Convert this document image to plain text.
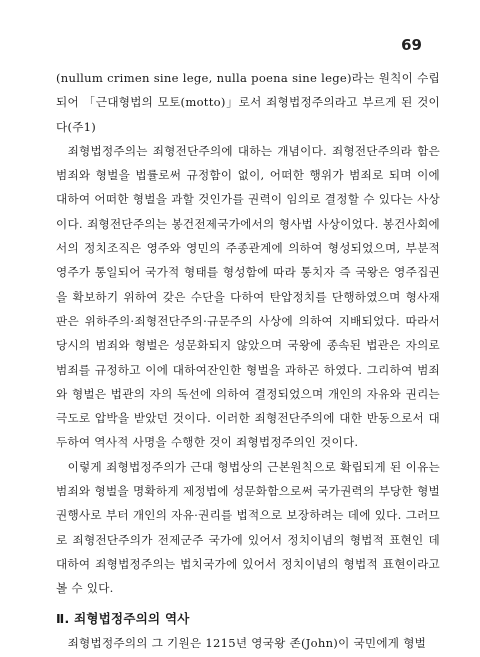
69

(nullum crimen sine lege, nulla poena sine lege)라는 원칙이 수립되어 「근대형법의 모토(motto)」로서 죄형법정주의라고 부르게 된 것이다(주1)

죄형법정주의는 죄형전단주의에 대하는 개념이다. 죄형전단주의라 함은 범죄와 형벌을 법률로써 규정함이 없이, 어떠한 행위가 범죄로 되며 이에 대하여 어떠한 형벌을 과할 것인가를 권력이 임의로 결정할 수 있다는 사상이다. 죄형전단주의는 봉건전제국가에서의 형사법 사상이었다. 봉건사회에서의 정치조직은 영주와 영민의 주종관계에 의하여 형성되었으며, 부분적 영주가 통일되어 국가적 형태를 형성함에 따라 통치자 즉 국왕은 영주집권을 확보하기 위하여 갖은 수단을 다하여 탄압정치를 단행하였으며 형사재판은 위하주의·죄형전단주의·규문주의 사상에 의하여 지배되었다. 따라서 당시의 범죄와 형벌은 성문화되지 않았으며 국왕에 종속된 법관은 자의로 범죄를 규정하고 이에 대하여잔인한 형벌을 과하곤 하였다. 그리하여 범죄와 형벌은 법관의 자의 독선에 의하여 결정되었으며 개인의 자유와 권리는 극도로 압박을 받았던 것이다. 이러한 죄형전단주의에 대한 반동으로서 대두하여 역사적 사명을 수행한 것이 죄형법정주의인 것이다.

이렇게 죄형법정주의가 근대 형법상의 근본원칙으로 확립되게 된 이유는 범죄와 형벌을 명확하게 제정법에 성문화함으로써 국가권력의 부당한 형벌권행사로 부터 개인의 자유·권리를 법적으로 보장하려는 데에 있다. 그러므로 죄형전단주의가 전제군주 국가에 있어서 정치이념의 형법적 표현인 데 대하여 죄형법정주의는 법치국가에 있어서 정치이념의 형법적 표현이라고 볼 수 있다.

Ⅱ. 죄형법정주의의 역사

죄형법정주의의 그 기원은 1215년 영국왕 존(John)이 국민에게 형벌
